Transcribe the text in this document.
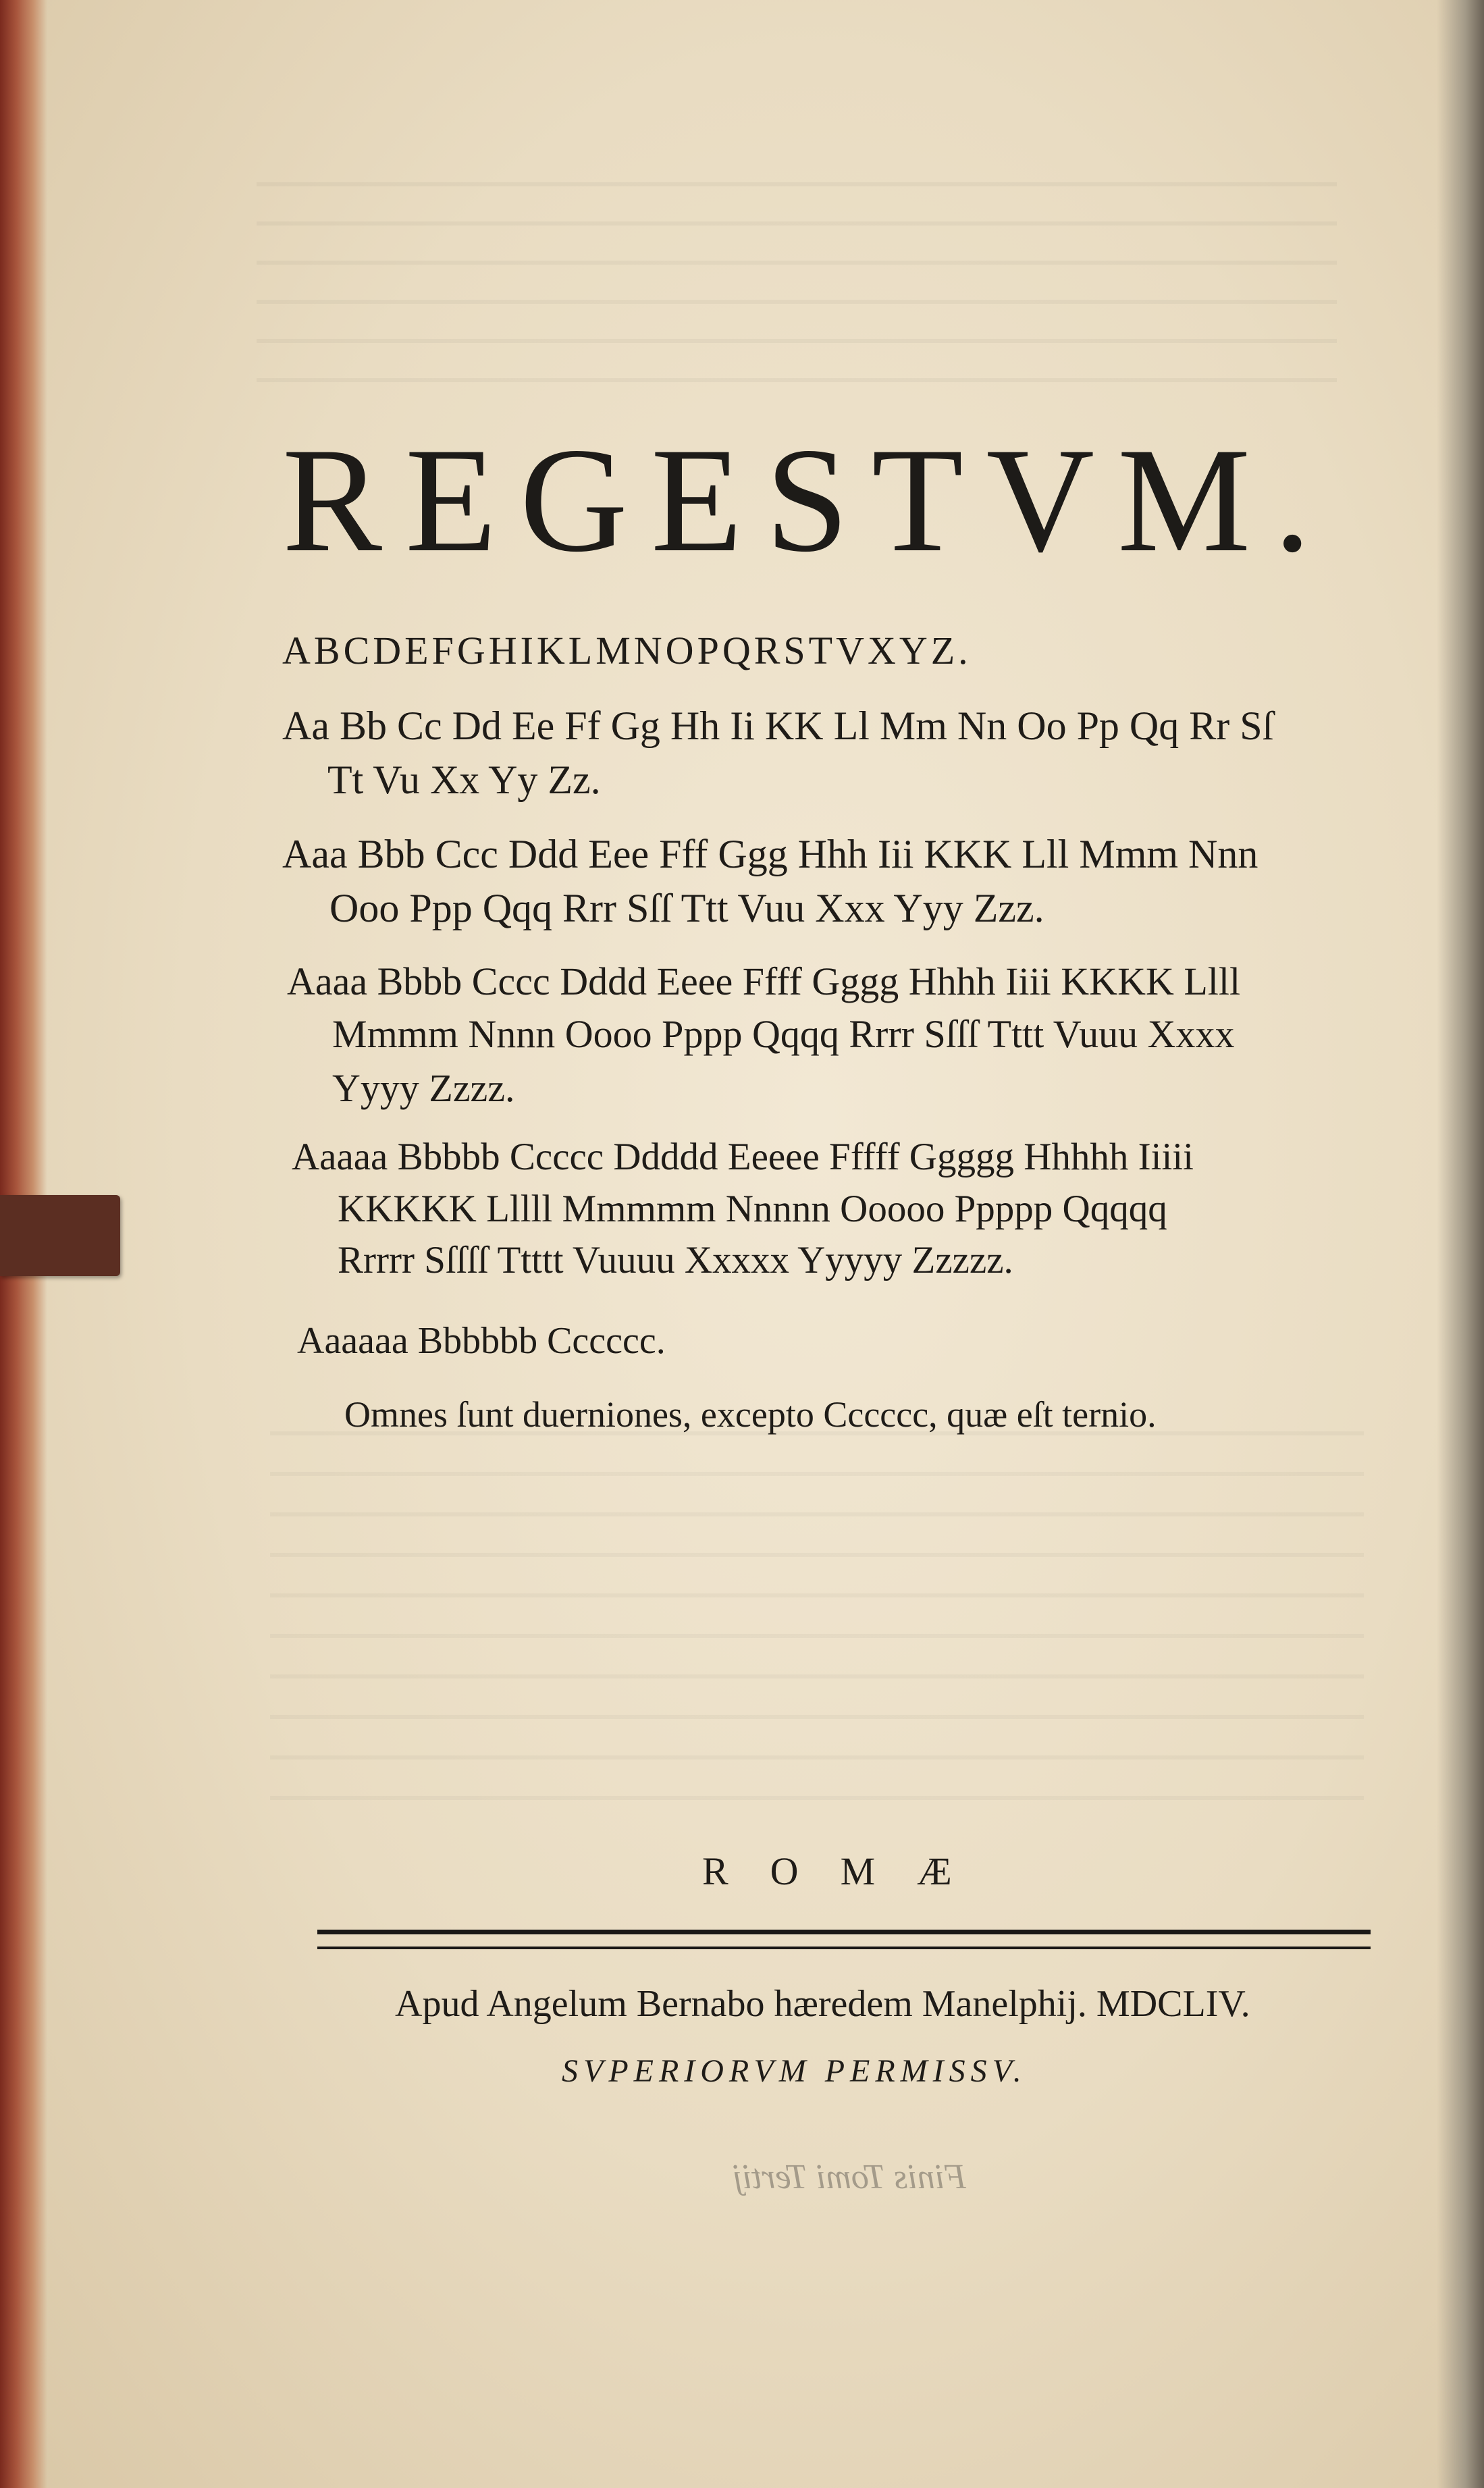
REGESTVM.
ABCDEFGHIKLMNOPQRSTVXYZ.
Aa Bb Cc Dd Ee Ff Gg Hh Ii KK Ll Mm Nn Oo Pp Qq Rr Sſ
Tt Vu Xx Yy Zz.
Aaa Bbb Ccc Ddd Eee Fff Ggg Hhh Iii KKK Lll Mmm Nnn
Ooo Ppp Qqq Rrr Sſſ Ttt Vuu Xxx Yyy Zzz.
Aaaa Bbbb Cccc Dddd Eeee Ffff Gggg Hhhh Iiii KKKK Llll
Mmmm Nnnn Oooo Pppp Qqqq Rrrr Sſſſ Tttt Vuuu Xxxx
Yyyy Zzzz.
Aaaaa Bbbbb Ccccc Ddddd Eeeee Fffff Ggggg Hhhhh Iiiii
KKKKK Lllll Mmmmm Nnnnn Ooooo Ppppp Qqqqq
Rrrrr Sſſſſ Ttttt Vuuuu Xxxxx Yyyyy Zzzzz.
Aaaaaa Bbbbbb Cccccc.
Omnes ſunt duerniones, excepto Cccccc, quæ eſt ternio.
ROMÆ
Apud Angelum Bernabo hæredem Manelphij. MDCLIV.
SVPERIORVM PERMISSV.
Finis Tomi Tertij
